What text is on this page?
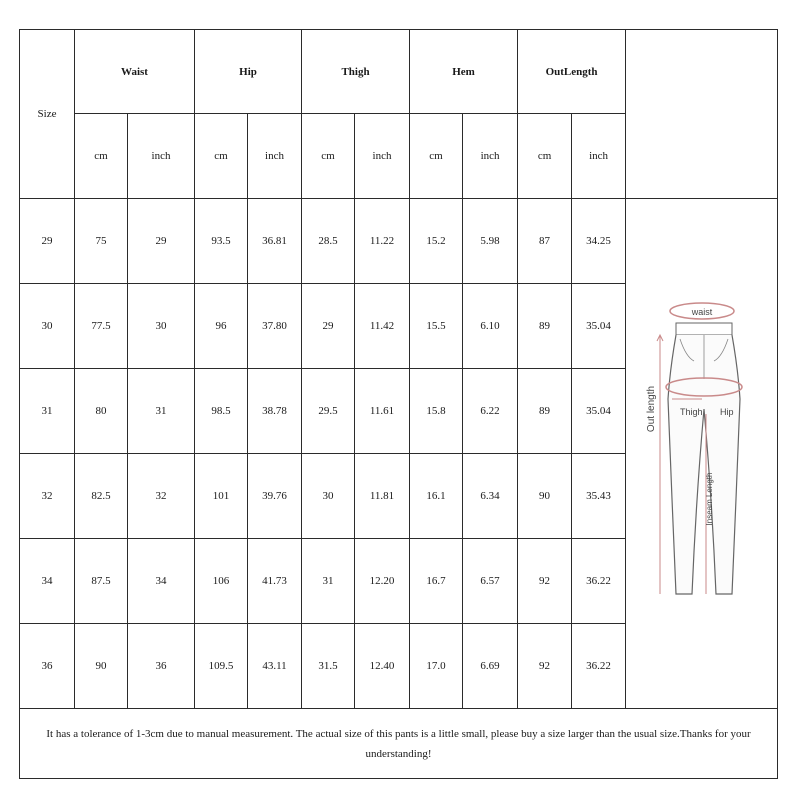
Size	Waist		Hip		Thigh		Hem		OutLength		
	cm	inch	cm	inch	cm	inch	cm	inch	cm	inch	
29	75	29	93.5	36.81	28.5	11.22	15.2	5.98	87	34.25	waist
Thigh Hip
Out length
Inseam Length

30	77.5	30	96	37.80	29	11.42	15.5	6.10	89	35.04	
31	80	31	98.5	38.78	29.5	11.61	15.8	6.22	89	35.04	
32	82.5	32	101	39.76	30	11.81	16.1	6.34	90	35.43	
34	87.5	34	106	41.73	31	12.20	16.7	6.57	92	36.22	
36	90	36	109.5	43.11	31.5	12.40	17.0	6.69	92	36.22	
It has a tolerance of 1-3cm due to manual measurement. The actual size of this pants is a little small, please buy a size larger than the usual size.Thanks for your understanding!											
